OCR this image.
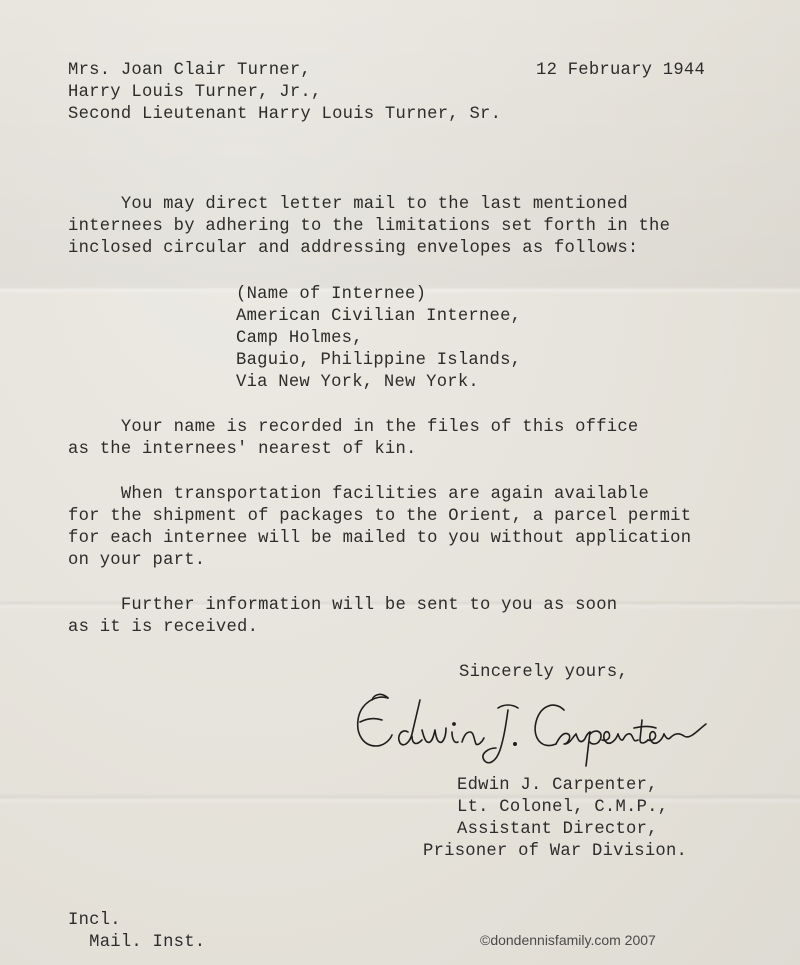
Mrs. Joan Clair Turner,
Harry Louis Turner, Jr.,
Second Lieutenant Harry Louis Turner, Sr.
12 February 1944
You may direct letter mail to the last mentioned
internees by adhering to the limitations set forth in the
inclosed circular and addressing envelopes as follows:
(Name of Internee)
American Civilian Internee,
Camp Holmes,
Baguio, Philippine Islands,
Via New York, New York.
Your name is recorded in the files of this office
as the internees' nearest of kin.
When transportation facilities are again available
for the shipment of packages to the Orient, a parcel permit
for each internee will be mailed to you without application
on your part.
Further information will be sent to you as soon
as it is received.
Sincerely yours,
Edwin J. Carpenter,
Lt. Colonel, C.M.P.,
Assistant Director,
Prisoner of War Division.
Incl.
Mail. Inst.	©dondennisfamily.com 2007
